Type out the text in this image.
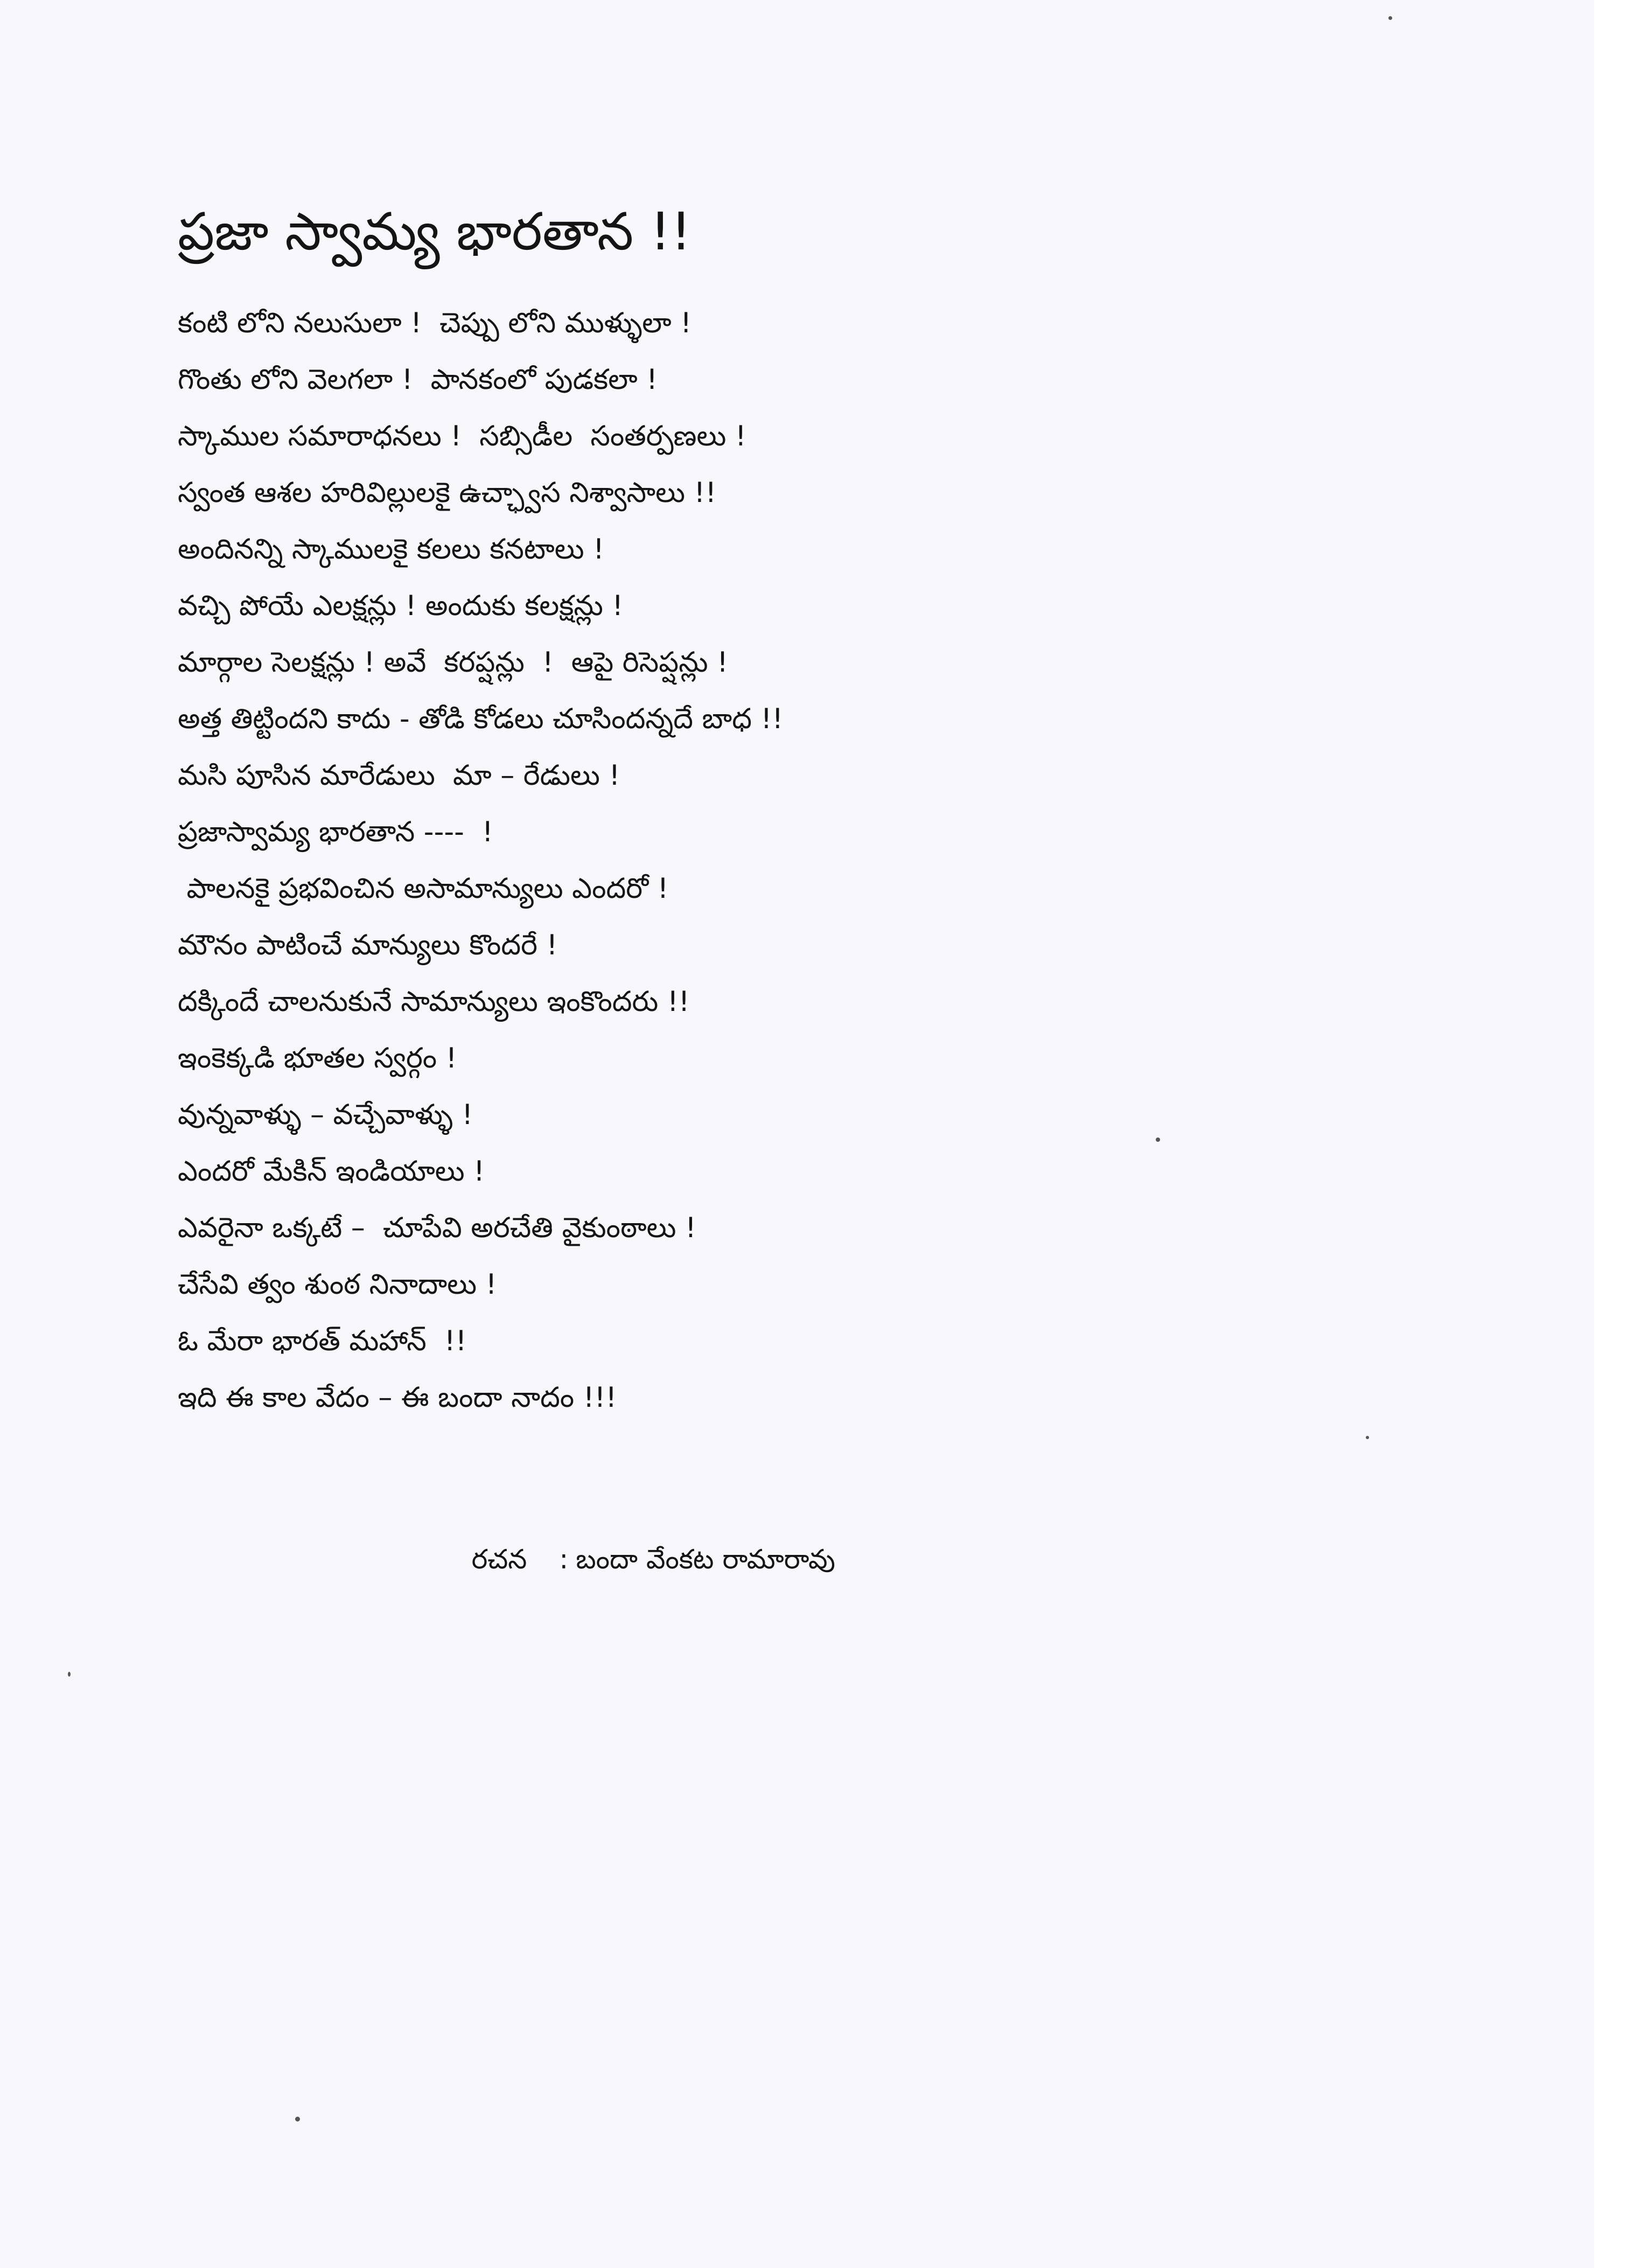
ప్రజా స్వామ్య భారతాన !!
కంటి లోని నలుసులా !  చెప్పు లోని ముళ్ళులా !
గొంతు లోని వెలగలా !  పానకంలో పుడకలా !
స్కాముల సమారాధనలు !  సబ్సిడీల  సంతర్పణలు !
స్వంత ఆశల హరివిల్లులకై ఉచ్ఛ్వాస నిశ్వాసాలు !!
అందినన్ని స్కాములకై కలలు కనటాలు !
వచ్చి పోయే ఎలక్షన్లు ! అందుకు కలక్షన్లు !
మార్గాల సెలక్షన్లు ! అవే  కరప్షన్లు  !  ఆపై రిసెప్షన్లు !
అత్త తిట్టిందని కాదు - తోడి కోడలు చూసిందన్నదే బాధ !!
మసి పూసిన మారేడులు  మా – రేడులు !
ప్రజాస్వామ్య భారతాన ----  !
పాలనకై ప్రభవించిన అసామాన్యులు ఎందరో !
మౌనం పాటించే మాన్యులు కొందరే !
దక్కిందే చాలనుకునే సామాన్యులు ఇంకొందరు !!
ఇంకెక్కడి భూతల స్వర్గం !
వున్నవాళ్ళు – వచ్చేవాళ్ళు !
ఎందరో మేకిన్ ఇండియాలు !
ఎవరైనా ఒక్కటే –  చూపేవి అరచేతి వైకుంఠాలు !
చేసేవి త్వం శుంఠ నినాదాలు !
ఓ మేరా భారత్ మహాన్  !!
ఇది ఈ కాల వేదం – ఈ బందా నాదం !!!

రచన : బందా వేంకట రామారావు
